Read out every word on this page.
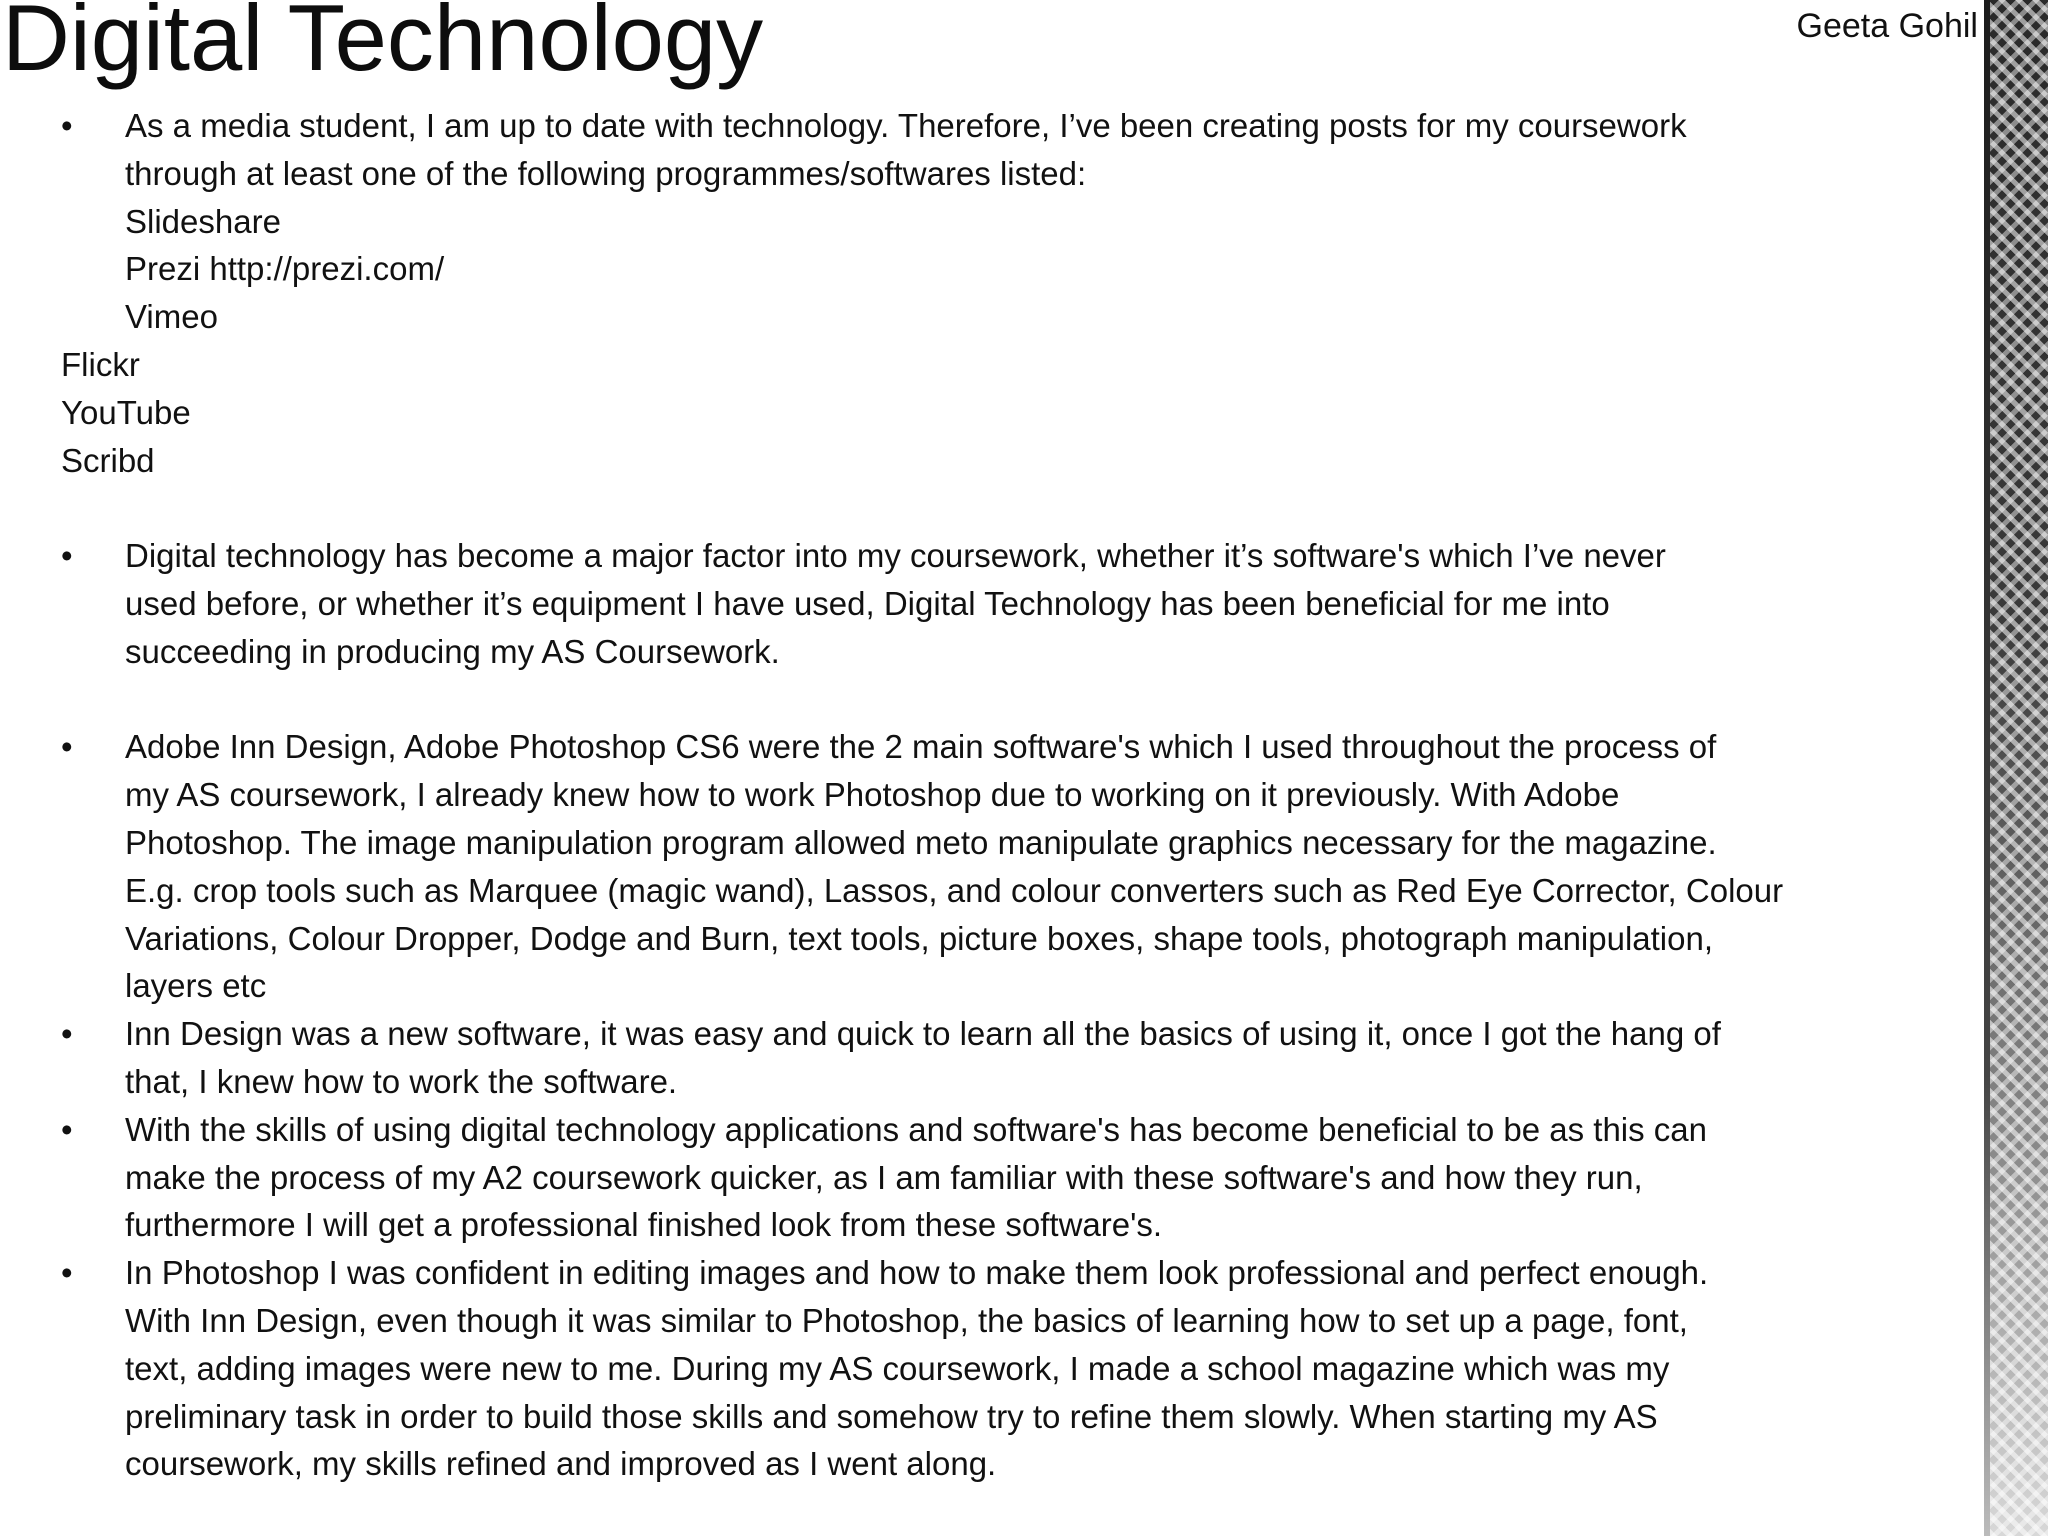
Digital Technology	Geeta Gohil
• As a media student, I am up to date with technology. Therefore, I’ve been creating posts for my coursework
through at least one of the following programmes/softwares listed:
Slideshare
Prezi http://prezi.com/
Vimeo
Flickr
YouTube
Scribd
• Digital technology has become a major factor into my coursework, whether it’s software's which I’ve never
used before, or whether it’s equipment I have used, Digital Technology has been beneficial for me into
succeeding in producing my AS Coursework.
• Adobe Inn Design, Adobe Photoshop CS6 were the 2 main software's which I used throughout the process of
my AS coursework, I already knew how to work Photoshop due to working on it previously. With Adobe
Photoshop. The image manipulation program allowed meto manipulate graphics necessary for the magazine.
E.g. crop tools such as Marquee (magic wand), Lassos, and colour converters such as Red Eye Corrector, Colour
Variations, Colour Dropper, Dodge and Burn, text tools, picture boxes, shape tools, photograph manipulation,
layers etc
• Inn Design was a new software, it was easy and quick to learn all the basics of using it, once I got the hang of
that, I knew how to work the software.
• With the skills of using digital technology applications and software's has become beneficial to be as this can
make the process of my A2 coursework quicker, as I am familiar with these software's and how they run,
furthermore I will get a professional finished look from these software's.
• In Photoshop I was confident in editing images and how to make them look professional and perfect enough.
With Inn Design, even though it was similar to Photoshop, the basics of learning how to set up a page, font,
text, adding images were new to me. During my AS coursework, I made a school magazine which was my
preliminary task in order to build those skills and somehow try to refine them slowly. When starting my AS
coursework, my skills refined and improved as I went along.
